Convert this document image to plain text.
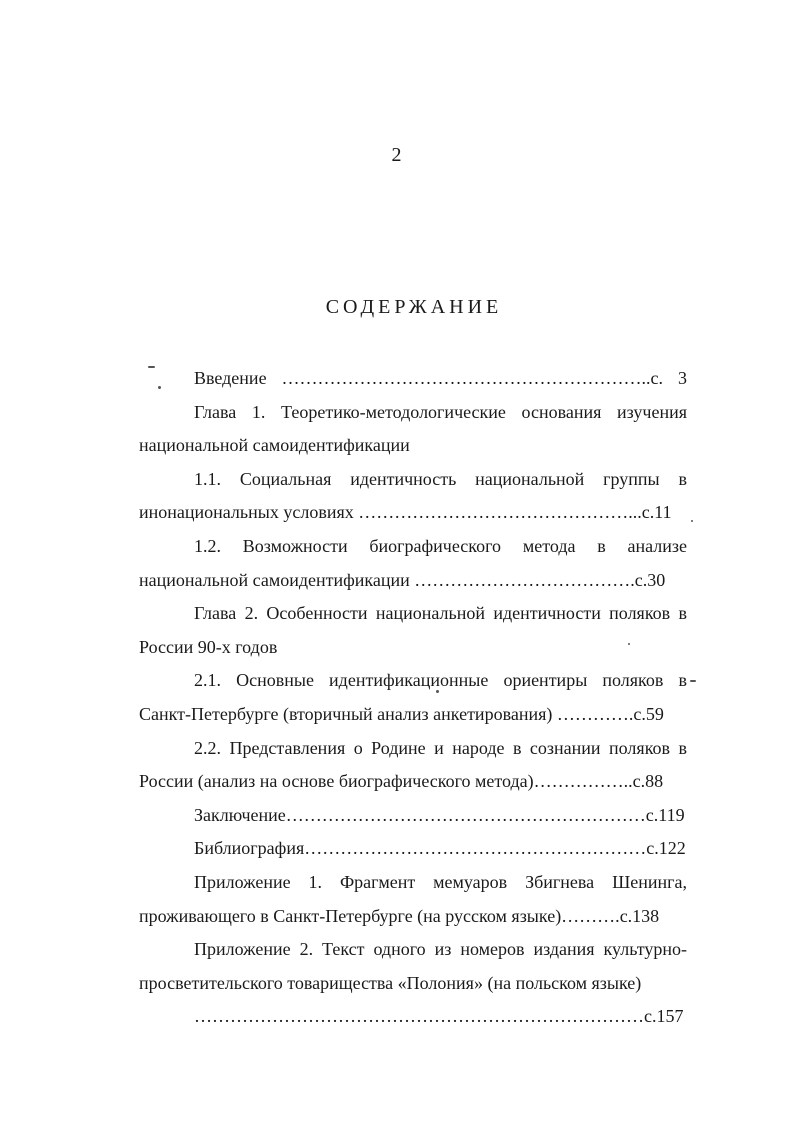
2
СОДЕРЖАНИЕ

Введение ……………………………………………………..с. 3

Глава 1. Теоретико-методологические основания изучения национальной самоидентификации

1.1. Социальная идентичность национальной группы в инонациональных условиях ………………………………………...с.11

1.2. Возможности биографического метода в анализе национальной самоидентификации ……………………………….с.30

Глава 2. Особенности национальной идентичности поляков в России 90-х годов

2.1. Основные идентификационные ориентиры поляков в Санкт-Петербурге (вторичный анализ анкетирования) ………….с.59

2.2. Представления о Родине и народе в сознании поляков в России (анализ на основе биографического метода)……………..с.88

Заключение……………………………………………………с.119

Библиография…………………………………………………с.122

Приложение 1. Фрагмент мемуаров Збигнева Шенинга, проживающего в Санкт-Петербурге (на русском языке)……….с.138

Приложение 2. Текст одного из номеров издания культурно-просветительского товарищества «Полония» (на польском языке)

…………………………………………………………………с.157
